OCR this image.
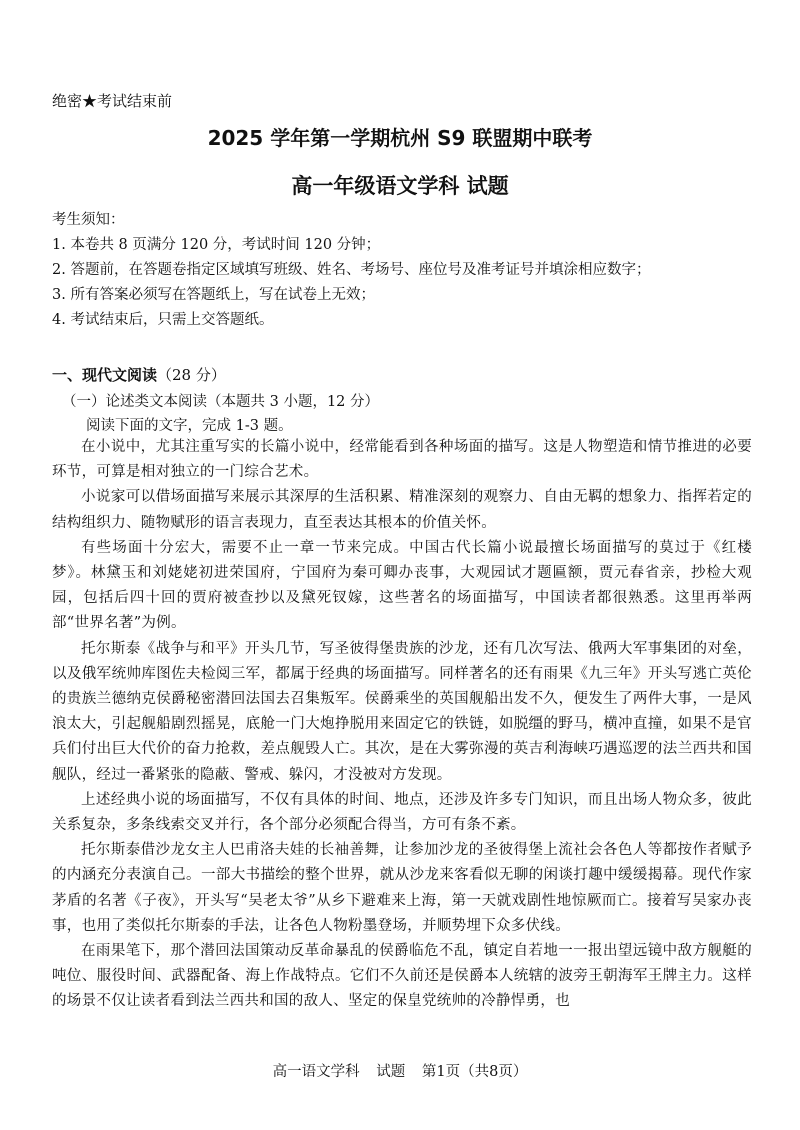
绝密★考试结束前
2025 学年第一学期杭州 S9 联盟期中联考
高一年级语文学科 试题
考生须知：
1. 本卷共 8 页满分 120 分，考试时间 120 分钟；
2. 答题前，在答题卷指定区域填写班级、姓名、考场号、座位号及准考证号并填涂相应数字；
3. 所有答案必须写在答题纸上，写在试卷上无效；
4. 考试结束后，只需上交答题纸。
一、现代文阅读（28 分）
（一）论述类文本阅读（本题共 3 小题，12 分）
阅读下面的文字，完成 1-3 题。

在小说中，尤其注重写实的长篇小说中，经常能看到各种场面的描写。这是人物塑造和情节推进的必要环节，可算是相对独立的一门综合艺术。

小说家可以借场面描写来展示其深厚的生活积累、精准深刻的观察力、自由无羁的想象力、指挥若定的结构组织力、随物赋形的语言表现力，直至表达其根本的价值关怀。

有些场面十分宏大，需要不止一章一节来完成。中国古代长篇小说最擅长场面描写的莫过于《红楼梦》。林黛玉和刘姥姥初进荣国府，宁国府为秦可卿办丧事，大观园试才题匾额，贾元春省亲，抄检大观园，包括后四十回的贾府被查抄以及黛死钗嫁，这些著名的场面描写，中国读者都很熟悉。这里再举两部“世界名著”为例。

托尔斯泰《战争与和平》开头几节，写圣彼得堡贵族的沙龙，还有几次写法、俄两大军事集团的对垒，以及俄军统帅库图佐夫检阅三军，都属于经典的场面描写。同样著名的还有雨果《九三年》开头写逃亡英伦的贵族兰德纳克侯爵秘密潜回法国去召集叛军。侯爵乘坐的英国舰船出发不久，便发生了两件大事，一是风浪太大，引起舰船剧烈摇晃，底舱一门大炮挣脱用来固定它的铁链，如脱缰的野马，横冲直撞，如果不是官兵们付出巨大代价的奋力抢救，差点舰毁人亡。其次，是在大雾弥漫的英吉利海峡巧遇巡逻的法兰西共和国舰队，经过一番紧张的隐蔽、警戒、躲闪，才没被对方发现。

上述经典小说的场面描写，不仅有具体的时间、地点，还涉及许多专门知识，而且出场人物众多，彼此关系复杂，多条线索交叉并行，各个部分必须配合得当，方可有条不紊。

托尔斯泰借沙龙女主人巴甫洛夫娃的长袖善舞，让参加沙龙的圣彼得堡上流社会各色人等都按作者赋予的内涵充分表演自己。一部大书描绘的整个世界，就从沙龙来客看似无聊的闲谈打趣中缓缓揭幕。现代作家茅盾的名著《子夜》，开头写“吴老太爷”从乡下避难来上海，第一天就戏剧性地惊厥而亡。接着写吴家办丧事，也用了类似托尔斯泰的手法，让各色人物粉墨登场，并顺势埋下众多伏线。

在雨果笔下，那个潜回法国策动反革命暴乱的侯爵临危不乱，镇定自若地一一报出望远镜中敌方舰艇的吨位、服役时间、武器配备、海上作战特点。它们不久前还是侯爵本人统辖的波旁王朝海军王牌主力。这样的场景不仅让读者看到法兰西共和国的敌人、坚定的保皇党统帅的冷静悍勇，也

高一语文学科 试题 第1页（共8页）
